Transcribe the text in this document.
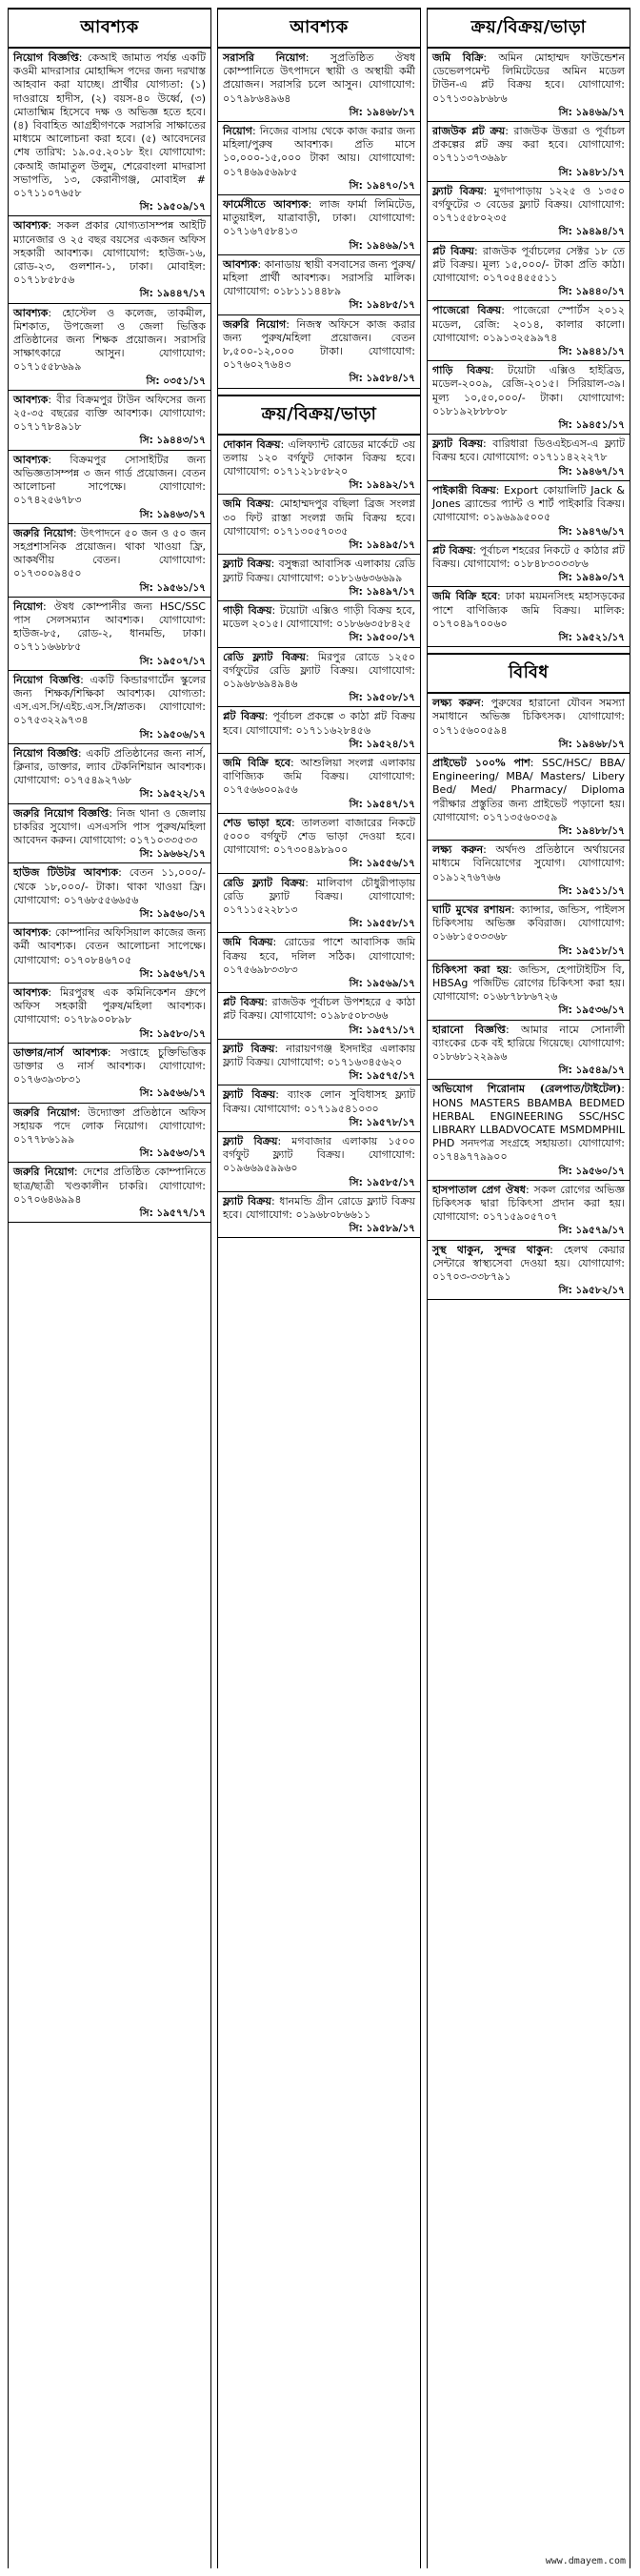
আবশ্যক
নিয়োগ বিজ্ঞপ্তি: কেআই জামাত পর্যন্ত একটি কওমী মাদরাসার মোহাদ্দিস পদের জন্য দরখাস্ত আহবান করা যাচ্ছে। প্রার্থীর যোগ্যতা: (১) দাওরায়ে হাদীস, (২) বয়স-৪০ উর্ধ্বে, (৩) মোতাহ্মিম হিসেবে দক্ষ ও অভিজ্ঞ হতে হবে। (৪) বিবাহিত আগ্রহীগণকে সরাসরি সাক্ষাতের মাধ্যমে আলোচনা করা হবে। (৫) আবেদনের শেষ তারিখ: ১৯.০৫.২০১৮ ইং। যোগাযোগ: কেআই জামাতুল উলুম, শেরেবাংলা মাদরাসা সভাপতি, ১৩, কেরানীগঞ্জ, মোবাইল # ০১৭১১০৭৬৫৮
সি: ১৯৫০৯/১৭
আবশ্যক: সকল প্রকার যোগ্যতাসম্পন্ন আইটি ম্যানেজার ও ২৫ বছর বয়সের একজন অফিস সহকারী আবশ্যক। যোগাযোগ: হাউজ-১৬, রোড-২৩, গুলশান-১, ঢাকা। মোবাইল: ০১৭১৮৫৮৫৬
সি: ১৯৪৪৭/১৭
আবশ্যক: হোস্টেল ও কলেজ, তাকমীল, মিশকাত, উপজেলা ও জেলা ভিত্তিক প্রতিষ্ঠানের জন্য শিক্ষক প্রয়োজন। সরাসরি সাক্ষাৎকারে আসুন। যোগাযোগ: ০১৭১৫৫৮৬৯৯
সি: ০৩৫১/১৭
আবশ্যক: বীর বিক্রমপুর টাউন অফিসের জন্য ২৫-৩৫ বছরের ব্যক্তি আবশ্যক। যোগাযোগ: ০১৭১৭৮৪৯১৮
সি: ১৯৪৪৩/১৭
আবশ্যক: বিক্রমপুর সোসাইটির জন্য অভিজ্ঞতাসম্পন্ন ৩ জন গার্ড প্রয়োজন। বেতন আলোচনা সাপেক্ষে। যোগাযোগ: ০১৭৪২৫৬৭৮৩
সি: ১৯৪৬৩/১৭
জরুরি নিয়োগ: উৎপাদনে ৫০ জন ও ৫০ জন সহপ্রশাসনিক প্রয়োজন। থাকা খাওয়া ফ্রি, আকর্ষণীয় বেতন। যোগাযোগ: ০১৭৩০০৯৪৫০
সি: ১৯৫৬১/১৭
নিয়োগ: ঔষধ কোম্পানীর জন্য HSC/SSC পাস সেলসম্যান আবশ্যক। যোগাযোগ: হাউজ-৮৫, রোড-২, ধানমন্ডি, ঢাকা। ০১৭১১৬৬৮৮৫
সি: ১৯৫০৭/১৭
নিয়োগ বিজ্ঞপ্তি: একটি কিন্ডারগার্টেন স্কুলের জন্য শিক্ষক/শিক্ষিকা আবশ্যক। যোগ্যতা: এস.এস.সি/এইচ.এস.সি/স্নাতক। যোগাযোগ: ০১৭৫৩২২৯৭৩৪
সি: ১৯৫০৬/১৭
নিয়োগ বিজ্ঞপ্তি: একটি প্রতিষ্ঠানের জন্য নার্স, ক্লিনার, ডাক্তার, ল্যাব টেকনিশিয়ান আবশ্যক। যোগাযোগ: ০১৭৫৪৯২৭৬৮
সি: ১৯৫২২/১৭
জরুরি নিয়োগ বিজ্ঞপ্তি: নিজ থানা ও জেলায় চাকরির সুযোগ। এসএসসি পাস পুরুষ/মহিলা আবেদন করুন। যোগাযোগ: ০১৭১০৩৩৫৩৩
সি: ১৯৬৬২/১৭
হাউজ টিউটর আবশ্যক: বেতন ১১,০০০/- থেকে ১৮,০০০/- টাকা। থাকা খাওয়া ফ্রি। যোগাযোগ: ০১৭৬৮৫৫৬৬৫৬
সি: ১৯৫৬০/১৭
আবশ্যক: কোম্পানির অফিসিয়াল কাজের জন্য কর্মী আবশ্যক। বেতন আলোচনা সাপেক্ষে। যোগাযোগ: ০১৭০৮৪৬৭০৫
সি: ১৯৫৬৭/১৭
আবশ্যক: মিরপুরস্থ এক কমিনিকেশন গ্রুপে অফিস সহকারী পুরুষ/মহিলা আবশ্যক। যোগাযোগ: ০১৭৮৯০০৮৯৮
সি: ১৯৫৮০/১৭
ডাক্তার/নার্স আবশ্যক: সপ্তাহে চুক্তিভিত্তিক ডাক্তার ও নার্স আবশ্যক। যোগাযোগ: ০১৭৬৩৯৩৮৩১
সি: ১৯৫৬৬/১৭
জরুরি নিয়োগ: উদ্যোক্তা প্রতিষ্ঠানে অফিস সহায়ক পদে লোক নিয়োগ। যোগাযোগ: ০১৭৭৮৬১৯৯
সি: ১৯৫৬৩/১৭
জরুরি নিয়োগ: দেশের প্রতিষ্ঠিত কোম্পানিতে ছাত্র/ছাত্রী খণ্ডকালীন চাকরি। যোগাযোগ: ০১৭০৬৪৬৯৯৪
সি: ১৯৫৭৭/১৭
আবশ্যক
সরাসরি নিয়োগ: সুপ্রতিষ্ঠিত ঔষধ কোম্পানিতে উৎপাদনে স্থায়ী ও অস্থায়ী কর্মী প্রয়োজন। সরাসরি চলে আসুন। যোগাযোগ: ০১৭৯৮৬৪৯৬৪
সি: ১৯৪৬৮/১৭
নিয়োগ: নিজের বাসায় থেকে কাজ করার জন্য মহিলা/পুরুষ আবশ্যক। প্রতি মাসে ১০,০০০-১৫,০০০ টাকা আয়। যোগাযোগ: ০১৭৪৬৯৫৬৯৮৫
সি: ১৯৪৭০/১৭
ফার্মেসীতে আবশ্যক: লাজ ফার্মা লিমিটেড, মাতুয়াইল, যাত্রাবাড়ী, ঢাকা। যোগাযোগ: ০১৭১৬৭৫৮৪১৩
সি: ১৯৪৬৯/১৭
আবশ্যক: কানাডায় স্থায়ী বসবাসের জন্য পুরুষ/মহিলা প্রার্থী আবশ্যক। সরাসরি মালিক। যোগাযোগ: ০১৮১১১৪৪৮৯
সি: ১৯৪৮৫/১৭
জরুরি নিয়োগ: নিজস্ব অফিসে কাজ করার জন্য পুরুষ/মহিলা প্রয়োজন। বেতন ৮,৫০০-১২,০০০ টাকা। যোগাযোগ: ০১৭৬০২৭৬৪৩
সি: ১৯৫৮৪/১৭
ক্রয়/বিক্রয়/ভাড়া
দোকান বিক্রয়: এলিফ্যান্ট রোডের মার্কেটে ৩য় তলায় ১২০ বর্গফুট দোকান বিক্রয় হবে। যোগাযোগ: ০১৭১২১৮৫৮২০
সি: ১৯৪৯২/১৭
জমি বিক্রয়: মোহাম্মদপুর বছিলা ব্রিজ সংলগ্ন ৩০ ফিট রাস্তা সংলগ্ন জমি বিক্রয় হবে। যোগাযোগ: ০১৭১৩০৫৭০৩৫
সি: ১৯৪৯৫/১৭
ফ্ল্যাট বিক্রয়: বসুন্ধরা আবাসিক এলাকায় রেডি ফ্ল্যাট বিক্রয়। যোগাযোগ: ০১৮১৬৬৩৬৬৯৯
সি: ১৯৪৯৭/১৭
গাড়ী বিক্রয়: টয়োটা এক্সিও গাড়ী বিক্রয় হবে, মডেল ২০১৫। যোগাযোগ: ০১৮৬৬৩৫৮৪২৫
সি: ১৯৫০০/১৭
রেডি ফ্ল্যাট বিক্রয়: মিরপুর রোডে ১২৫০ বর্গফুটের রেডি ফ্ল্যাট বিক্রয়। যোগাযোগ: ০১৯৬৮৬৯৪৯৪৬
সি: ১৯৫০৮/১৭
প্লট বিক্রয়: পূর্বাচল প্রকল্পে ৩ কাঠা প্লট বিক্রয় হবে। যোগাযোগ: ০১৭১১৬২৮৪৫৬
সি: ১৯৫২৪/১৭
জমি বিক্রি হবে: আশুলিয়া সংলগ্ন এলাকায় বাণিজ্যিক জমি বিক্রয়। যোগাযোগ: ০১৭৫৬৬০০৯৫৬
সি: ১৯৫৪৭/১৭
শেড ভাড়া হবে: তালতলা বাজারের নিকটে ৫০০০ বর্গফুট শেড ভাড়া দেওয়া হবে। যোগাযোগ: ০১৭৩০৪৯৮৯০০
সি: ১৯৫৫৬/১৭
রেডি ফ্ল্যাট বিক্রয়: মালিবাগ চৌধুরীপাড়ায় রেডি ফ্ল্যাট বিক্রয়। যোগাযোগ: ০১৭১১৫২২৮১৩
সি: ১৯৫৫৮/১৭
জমি বিক্রয়: রোডের পাশে আবাসিক জমি বিক্রয় হবে, দলিল সঠিক। যোগাযোগ: ০১৭৫৬৯৮৩৩৮৩
সি: ১৯৫৬৯/১৭
প্লট বিক্রয়: রাজউক পূর্বাচল উপশহরে ৫ কাঠা প্লট বিক্রয়। যোগাযোগ: ০১৯৮৫০৮৩৬৬
সি: ১৯৫৭১/১৭
ফ্ল্যাট বিক্রয়: নারায়ণগঞ্জ ইসদাইর এলাকায় ফ্ল্যাট বিক্রয়। যোগাযোগ: ০১৭১৬৩৪৫৬২০
সি: ১৯৫৭৫/১৭
ফ্ল্যাট বিক্রয়: ব্যাংক লোন সুবিধাসহ ফ্ল্যাট বিক্রয়। যোগাযোগ: ০১৭১৯৫৪১০৩০
সি: ১৯৫৭৮/১৭
ফ্ল্যাট বিক্রয়: মগবাজার এলাকায় ১৫০০ বর্গফুট ফ্ল্যাট বিক্রয়। যোগাযোগ: ০১৯৬৬৯৫৯৯৬০
সি: ১৯৫৮৫/১৭
ফ্ল্যাট বিক্রয়: ধানমন্ডি গ্রীন রোডে ফ্ল্যাট বিক্রয় হবে। যোগাযোগ: ০১৯৬৮০৮৬৬১১
সি: ১৯৫৮৯/১৭
ক্রয়/বিক্রয়/ভাড়া
জমি বিক্রি: অমিন মোহাম্মদ ফাউন্ডেশন ডেভেলপমেন্ট লিমিটেডের অমিন মডেল টাউন-এ প্লট বিক্রয় হবে। যোগাযোগ: ০১৭১৩০৯৮৬৮৬
সি: ১৯৪৬৯/১৭
রাজউক প্লট ক্রয়: রাজউক উত্তরা ও পূর্বাচল প্রকল্পের প্লট ক্রয় করা হবে। যোগাযোগ: ০১৭১১৩৭৩৬৯৮
সি: ১৯৪৮১/১৭
ফ্ল্যাট বিক্রয়: মুগদাপাড়ায় ১২২৫ ও ১৩৫০ বর্গফুটের ৩ বেডের ফ্ল্যাট বিক্রয়। যোগাযোগ: ০১৭১৫৫৮০২৩৫
সি: ১৯৪৯৪/১৭
প্লট বিক্রয়: রাজউক পূর্বাচলের সেক্টর ১৮ তে প্লট বিক্রয়। মূল্য ১৫,০০০/- টাকা প্রতি কাঠা। যোগাযোগ: ০১৭০৫৪৫৫৫১১
সি: ১৯৪৪০/১৭
পাজেরো বিক্রয়: পাজেরো স্পোর্টস ২০১২ মডেল, রেজি: ২০১৪, কালার কালো। যোগাযোগ: ০১৯১৩২৫৯৯৭৪
সি: ১৯৪৪১/১৭
গাড়ি বিক্রয়: টয়োটা এক্সিও হাইব্রিড, মডেল-২০০৯, রেজি-২০১৫। সিরিয়াল-৩৯। মূল্য ১০,৫০,০০০/- টাকা। যোগাযোগ: ০১৮১৯২৮৮৮০৮
সি: ১৯৪৫১/১৭
ফ্ল্যাট বিক্রয়: বারিধারা ডিওএইচএস-এ ফ্ল্যাট বিক্রয় হবে। যোগাযোগ: ০১৭১১৪২২২৭৮
সি: ১৯৪৬৭/১৭
পাইকারী বিক্রয়: Export কোয়ালিটি Jack & Jones ব্র্যান্ডের প্যান্ট ও শার্ট পাইকারি বিক্রয়। যোগাযোগ: ০১৯৬৯৯৫০০৫
সি: ১৯৪৭৬/১৭
প্লট বিক্রয়: পূর্বাচল শহরের নিকটে ৫ কাঠার প্লট বিক্রয়। যোগাযোগ: ০১৮৪৮৩০৩৩৮৬
সি: ১৯৪৯০/১৭
জমি বিক্রি হবে: ঢাকা ময়মনসিংহ মহাসড়কের পাশে বাণিজ্যিক জমি বিক্রয়। মালিক: ০১৭০৪৯৭০০৬০
সি: ১৯৫২১/১৭
বিবিধ
লক্ষ্য করুন: পুরুষের হারানো যৌবন সমস্যা সমাধানে অভিজ্ঞ চিকিৎসক। যোগাযোগ: ০১৭১৫৬০০৫৯৪
সি: ১৯৪৬৮/১৭
প্রাইভেট ১০০% পাশ: SSC/HSC/ BBA/ Engineering/ MBA/ Masters/ Libery Bed/ Med/ Pharmacy/ Diploma পরীক্ষার প্রস্তুতির জন্য প্রাইভেট পড়ানো হয়। যোগাযোগ: ০১৭১৩৫৬০৩৫৯
সি: ১৯৪৮৮/১৭
লক্ষ্য করুন: অর্থদণ্ড প্রতিষ্ঠানে অর্থায়নের মাধ্যমে বিনিয়োগের সুযোগ। যোগাযোগ: ০১৯১২৭৬৭৬৬
সি: ১৯৫১১/১৭
ঘাটি মুখের রশায়ন: ক্যান্সার, জন্ডিস, পাইলস চিকিৎসায় অভিজ্ঞ কবিরাজ। যোগাযোগ: ০১৬৮১৫০৩৩৬৮
সি: ১৯৫১৮/১৭
চিকিৎসা করা হয়: জন্ডিস, হেপাটাইটিস বি, HBSAg পজিটিভ রোগের চিকিৎসা করা হয়। যোগাযোগ: ০১৬৮৭৮৮৬৭২৬
সি: ১৯৫৩৬/১৭
হারানো বিজ্ঞপ্তি: আমার নামে সোনালী ব্যাংকের চেক বই হারিয়ে গিয়েছে। যোগাযোগ: ০১৮৬৮১২২৯৯৬
সি: ১৯৫৪৯/১৭
অভিযোগ শিরোনাম (রেলপাত/টাইটেল): HONS MASTERS BBAMBA BEDMED HERBAL ENGINEERING SSC/HSC LIBRARY LLBADVOCATE MSMDMPHIL PHD সনদপত্র সংগ্রহে সহায়তা। যোগাযোগ: ০১৭৪৯৭৭৯৯০০
সি: ১৯৫৬০/১৭
হাসপাতাল প্রেগ ঔষধ: সকল রোগের অভিজ্ঞ চিকিৎসক দ্বারা চিকিৎসা প্রদান করা হয়। যোগাযোগ: ০১৭১৫৯০৫৭০৭
সি: ১৯৫৭৯/১৭
সুস্থ থাকুন, সুন্দর থাকুন: হেলথ কেয়ার সেন্টারে স্বাস্থ্যসেবা দেওয়া হয়। যোগাযোগ: ০১৭০৩-৩৩৮৭৯১
সি: ১৯৫৮২/১৭
www.dmayem.com
